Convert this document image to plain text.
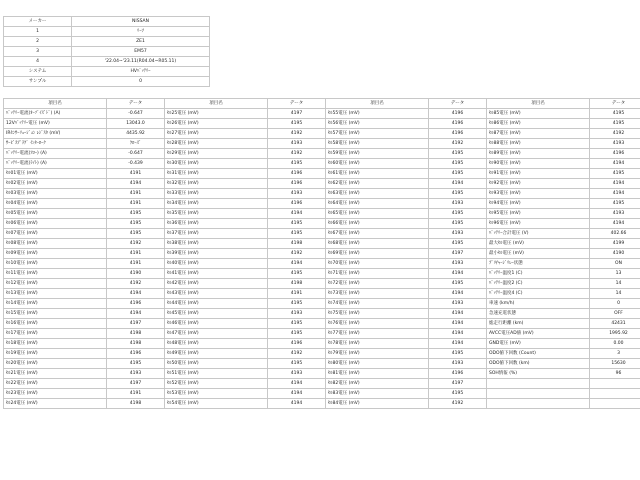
メーカー	NISSAN
1	ﾘｰﾌ
2	ZE1
3	EM57
4	'22.04~'23.11(R04.04~R05.11)
システム	HVﾊﾞｯﾃﾘｰ
サンプル	0
項目名	データ	項目名	データ	項目名	データ	項目名	データ
ﾊﾞｯﾃﾘｰ電流(ｵｰｿﾞｲｽﾞﾄﾞ) (A)	-0.647	ｾﾙ25電圧 (mV)	4197	ｾﾙ55電圧 (mV)	4196	ｾﾙ85電圧 (mV)	4195
12Vﾊﾞｯﾃﾘｰ電圧 (mV)	13043.0	ｾﾙ26電圧 (mV)	4195	ｾﾙ56電圧 (mV)	4196	ｾﾙ86電圧 (mV)	4195
IRｾﾝｻｰﾘｭｰｼﾞｮﾝ ﾚｼﾞｽﾀ (mV)	4435.92	ｾﾙ27電圧 (mV)	4192	ｾﾙ57電圧 (mV)	4196	ｾﾙ87電圧 (mV)	4192
ｻｰﾋﾞｽﾌﾟﾗｸﾞ ｲﾝﾀｰﾛｰｸ	ｸﾛｰｽﾞ	ｾﾙ28電圧 (mV)	4193	ｾﾙ58電圧 (mV)	4192	ｾﾙ88電圧 (mV)	4193
ﾊﾞｯﾃﾘｰ電流(ﾌﾛｰ) (A)	-0.647	ｾﾙ29電圧 (mV)	4192	ｾﾙ59電圧 (mV)	4195	ｾﾙ89電圧 (mV)	4196
ﾊﾞｯﾃﾘｰ電流(ﾗｲﾄ) (A)	-0.439	ｾﾙ30電圧 (mV)	4195	ｾﾙ60電圧 (mV)	4195	ｾﾙ90電圧 (mV)	4194
ｾﾙ01電圧 (mV)	4191	ｾﾙ31電圧 (mV)	4196	ｾﾙ61電圧 (mV)	4195	ｾﾙ91電圧 (mV)	4195
ｾﾙ02電圧 (mV)	4194	ｾﾙ32電圧 (mV)	4196	ｾﾙ62電圧 (mV)	4194	ｾﾙ92電圧 (mV)	4194
ｾﾙ03電圧 (mV)	4191	ｾﾙ33電圧 (mV)	4193	ｾﾙ63電圧 (mV)	4195	ｾﾙ93電圧 (mV)	4194
ｾﾙ04電圧 (mV)	4191	ｾﾙ34電圧 (mV)	4196	ｾﾙ64電圧 (mV)	4193	ｾﾙ94電圧 (mV)	4195
ｾﾙ05電圧 (mV)	4195	ｾﾙ35電圧 (mV)	4194	ｾﾙ65電圧 (mV)	4195	ｾﾙ95電圧 (mV)	4193
ｾﾙ06電圧 (mV)	4195	ｾﾙ36電圧 (mV)	4195	ｾﾙ66電圧 (mV)	4195	ｾﾙ96電圧 (mV)	4194
ｾﾙ07電圧 (mV)	4195	ｾﾙ37電圧 (mV)	4195	ｾﾙ67電圧 (mV)	4193	ﾊﾞｯﾃﾘｰ合計電圧 (V)	402.66
ｾﾙ08電圧 (mV)	4192	ｾﾙ38電圧 (mV)	4198	ｾﾙ68電圧 (mV)	4195	最大ｾﾙ電圧 (mV)	4199
ｾﾙ09電圧 (mV)	4191	ｾﾙ39電圧 (mV)	4192	ｾﾙ69電圧 (mV)	4197	最小ｾﾙ電圧 (mV)	4190
ｾﾙ10電圧 (mV)	4191	ｾﾙ40電圧 (mV)	4194	ｾﾙ70電圧 (mV)	4193	ﾌﾟﾘﾁｬｰｼﾞﾘﾚｰ状態	ON
ｾﾙ11電圧 (mV)	4190	ｾﾙ41電圧 (mV)	4195	ｾﾙ71電圧 (mV)	4194	ﾊﾞｯﾃﾘｰ温度1 (C)	13
ｾﾙ12電圧 (mV)	4192	ｾﾙ42電圧 (mV)	4198	ｾﾙ72電圧 (mV)	4195	ﾊﾞｯﾃﾘｰ温度2 (C)	14
ｾﾙ13電圧 (mV)	4194	ｾﾙ43電圧 (mV)	4191	ｾﾙ73電圧 (mV)	4194	ﾊﾞｯﾃﾘｰ温度4 (C)	14
ｾﾙ14電圧 (mV)	4196	ｾﾙ44電圧 (mV)	4195	ｾﾙ74電圧 (mV)	4193	車速 (km/h)	0
ｾﾙ15電圧 (mV)	4194	ｾﾙ45電圧 (mV)	4193	ｾﾙ75電圧 (mV)	4194	急速充電状態	OFF
ｾﾙ16電圧 (mV)	4197	ｾﾙ46電圧 (mV)	4195	ｾﾙ76電圧 (mV)	4194	総走行距離 (km)	42431
ｾﾙ17電圧 (mV)	4198	ｾﾙ47電圧 (mV)	4195	ｾﾙ77電圧 (mV)	4194	AVCC電圧AD値 (mV)	1995.92
ｾﾙ18電圧 (mV)	4198	ｾﾙ48電圧 (mV)	4196	ｾﾙ78電圧 (mV)	4194	GND電圧 (mV)	0.00
ｾﾙ19電圧 (mV)	4196	ｾﾙ49電圧 (mV)	4192	ｾﾙ79電圧 (mV)	4195	ODO値下回数 (Count)	3
ｾﾙ20電圧 (mV)	4195	ｾﾙ50電圧 (mV)	4195	ｾﾙ80電圧 (mV)	4193	ODO値下回数 (km)	15630
ｾﾙ21電圧 (mV)	4193	ｾﾙ51電圧 (mV)	4193	ｾﾙ81電圧 (mV)	4196	SOH情報 (%)	96
ｾﾙ22電圧 (mV)	4197	ｾﾙ52電圧 (mV)	4194	ｾﾙ82電圧 (mV)	4197		
ｾﾙ23電圧 (mV)	4191	ｾﾙ53電圧 (mV)	4194	ｾﾙ83電圧 (mV)	4195		
ｾﾙ24電圧 (mV)	4198	ｾﾙ54電圧 (mV)	4194	ｾﾙ84電圧 (mV)	4192		
